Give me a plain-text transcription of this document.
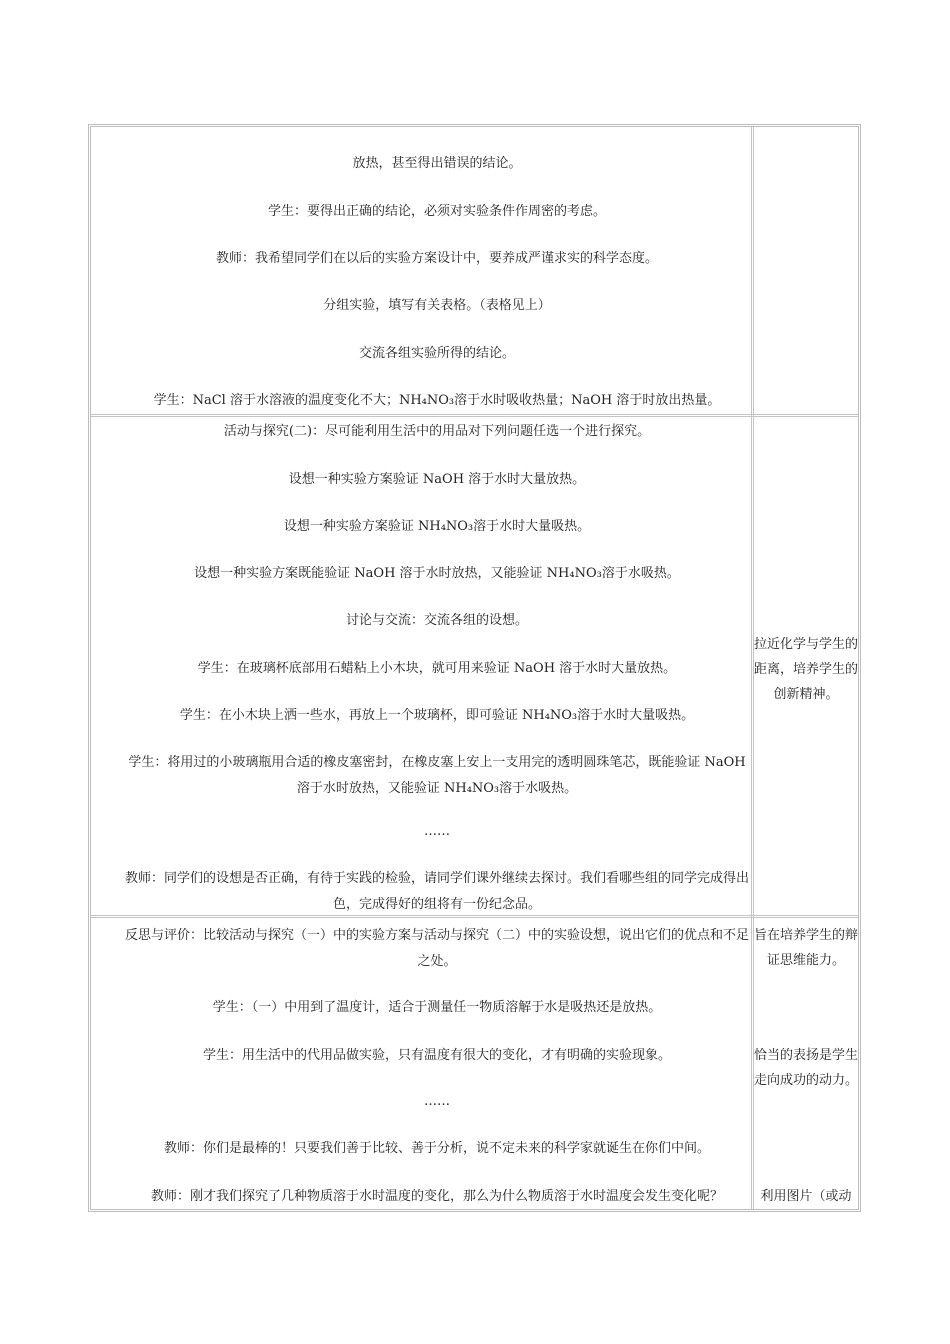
放热，甚至得出错误的结论。
学生：要得出正确的结论，必须对实验条件作周密的考虑。
教师：我希望同学们在以后的实验方案设计中，要养成严谨求实的科学态度。
分组实验，填写有关表格。（表格见上）
交流各组实验所得的结论。
学生：NaCl 溶于水溶液的温度变化不大；NH₄NO₃溶于水时吸收热量；NaOH 溶于时放出热量。
活动与探究(二)：尽可能利用生活中的用品对下列问题任选一个进行探究。
设想一种实验方案验证 NaOH 溶于水时大量放热。
设想一种实验方案验证 NH₄NO₃溶于水时大量吸热。
设想一种实验方案既能验证 NaOH 溶于水时放热，又能验证 NH₄NO₃溶于水吸热。
讨论与交流：交流各组的设想。
学生：在玻璃杯底部用石蜡粘上小木块，就可用来验证 NaOH 溶于水时大量放热。
学生：在小木块上洒一些水，再放上一个玻璃杯，即可验证 NH₄NO₃溶于水时大量吸热。
学生：将用过的小玻璃瓶用合适的橡皮塞密封，在橡皮塞上安上一支用完的透明圆珠笔芯，既能验证 NaOH 溶于水时放热，又能验证 NH₄NO₃溶于水吸热。
……
教师：同学们的设想是否正确，有待于实践的检验，请同学们课外继续去探讨。我们看哪些组的同学完成得出色，完成得好的组将有一份纪念品。
拉近化学与学生的距离，培养学生的创新精神。
反思与评价：比较活动与探究（一）中的实验方案与活动与探究（二）中的实验设想，说出它们的优点和不足之处。
学生：（一）中用到了温度计，适合于测量任一物质溶解于水是吸热还是放热。
学生：用生活中的代用品做实验，只有温度有很大的变化，才有明确的实验现象。
……
教师：你们是最棒的！只要我们善于比较、善于分析，说不定未来的科学家就诞生在你们中间。
教师：刚才我们探究了几种物质溶于水时温度的变化，那么为什么物质溶于水时温度会发生变化呢？
旨在培养学生的辩证思维能力。
恰当的表扬是学生走向成功的动力。
利用图片（或动
